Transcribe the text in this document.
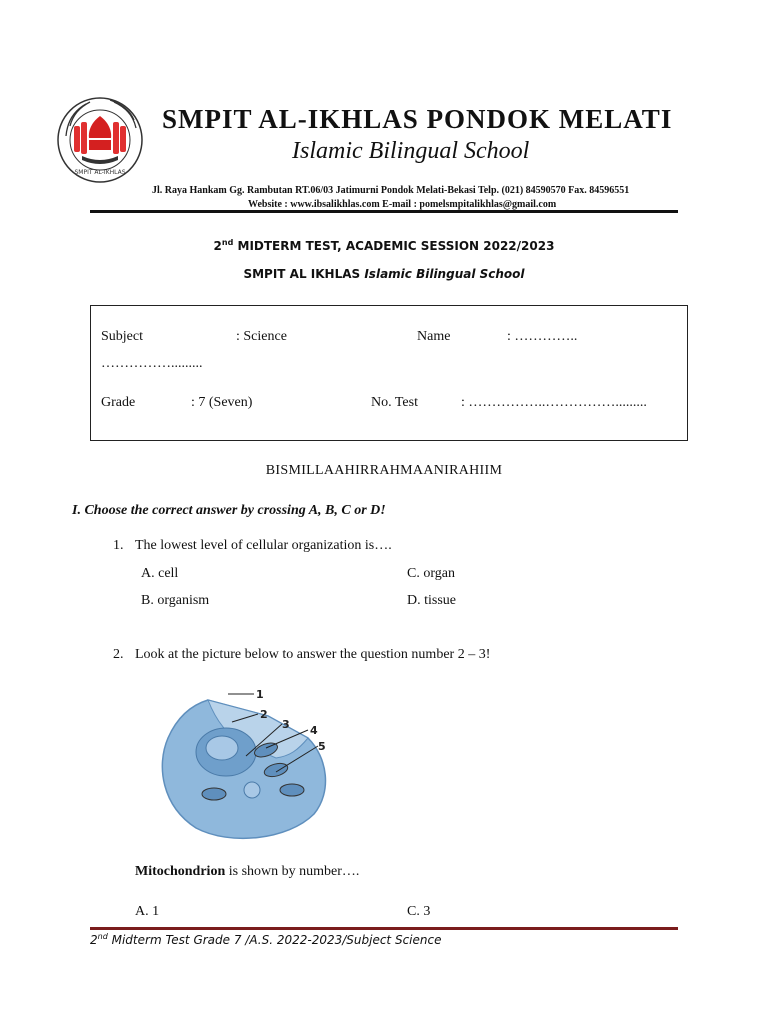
SMPIT AL-IKHLAS
SMPIT AL-IKHLAS PONDOK MELATI
Islamic Bilingual School
Jl. Raya Hankam Gg. Rambutan RT.06/03 Jatimurni Pondok Melati-Bekasi Telp. (021) 84590570 Fax. 84596551
Website : www.ibsalikhlas.com E-mail : pomelsmpitalikhlas@gmail.com
2nd MIDTERM TEST, ACADEMIC SESSION 2022/2023
SMPIT AL IKHLAS Islamic Bilingual School
Subject	: Science	Name	: …………..
…………….........
Grade	: 7 (Seven)	No. Test	: ……………..…………….........
BISMILLAAHIRRAHMAANIRAHIIM
I. Choose the correct answer by crossing A, B, C or D!
1. The lowest level of cellular organization is….
A. cell	C. organ
B. organism	D. tissue
2. Look at the picture below to answer the question number 2 – 3!
1
2
3 4
5
Mitochondrion is shown by number….
A. 1	C. 3
2nd Midterm Test Grade 7 /A.S. 2022-2023/Subject Science
